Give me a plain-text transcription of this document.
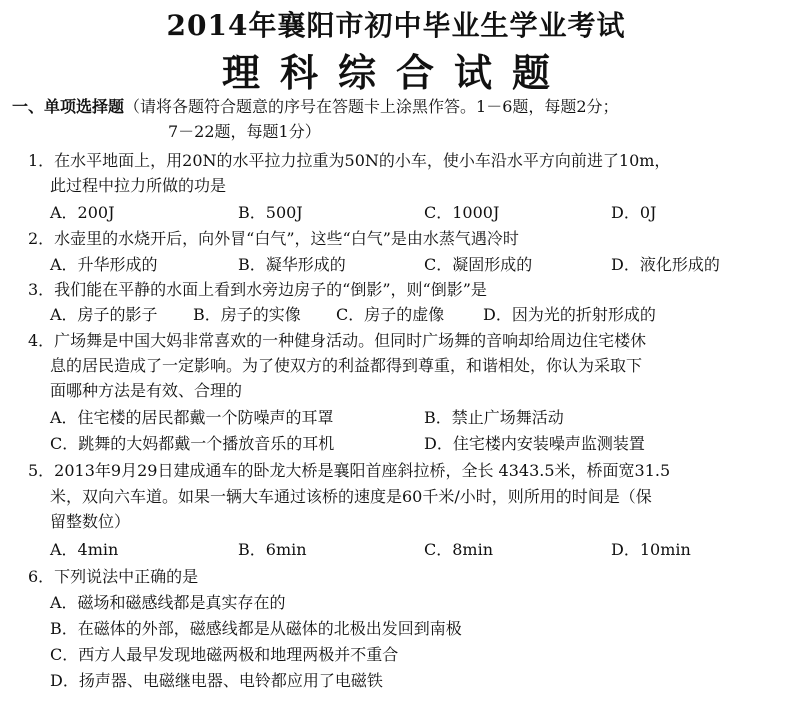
2014年襄阳市初中毕业生学业考试
理科综合试题
一、单项选择题（请将各题符合题意的序号在答题卡上涂黑作答。1－6题，每题2分；
7－22题，每题1分）
1．在水平地面上，用20N的水平拉力拉重为50N的小车，使小车沿水平方向前进了10m，
此过程中拉力所做的功是
A．200J	B．500J	C．1000J	D．0J
2．水壶里的水烧开后，向外冒“白气”，这些“白气”是由水蒸气遇冷时
A．升华形成的	B．凝华形成的	C．凝固形成的	D．液化形成的
3．我们能在平静的水面上看到水旁边房子的“倒影”，则“倒影”是
A．房子的影子 B．房子的实像 C．房子的虚像 D．因为光的折射形成的
4．广场舞是中国大妈非常喜欢的一种健身活动。但同时广场舞的音响却给周边住宅楼休
息的居民造成了一定影响。为了使双方的利益都得到尊重，和谐相处，你认为采取下
面哪种方法是有效、合理的
A．住宅楼的居民都戴一个防噪声的耳罩	B．禁止广场舞活动
C．跳舞的大妈都戴一个播放音乐的耳机	D．住宅楼内安装噪声监测装置
5．2013年9月29日建成通车的卧龙大桥是襄阳首座斜拉桥，全长 4343.5米，桥面宽31.5
米，双向六车道。如果一辆大车通过该桥的速度是60千米/小时，则所用的时间是（保
留整数位）
A．4min	B．6min	C．8min	D．10min
6．下列说法中正确的是
A．磁场和磁感线都是真实存在的
B．在磁体的外部，磁感线都是从磁体的北极出发回到南极
C．西方人最早发现地磁两极和地理两极并不重合
D．扬声器、电磁继电器、电铃都应用了电磁铁
